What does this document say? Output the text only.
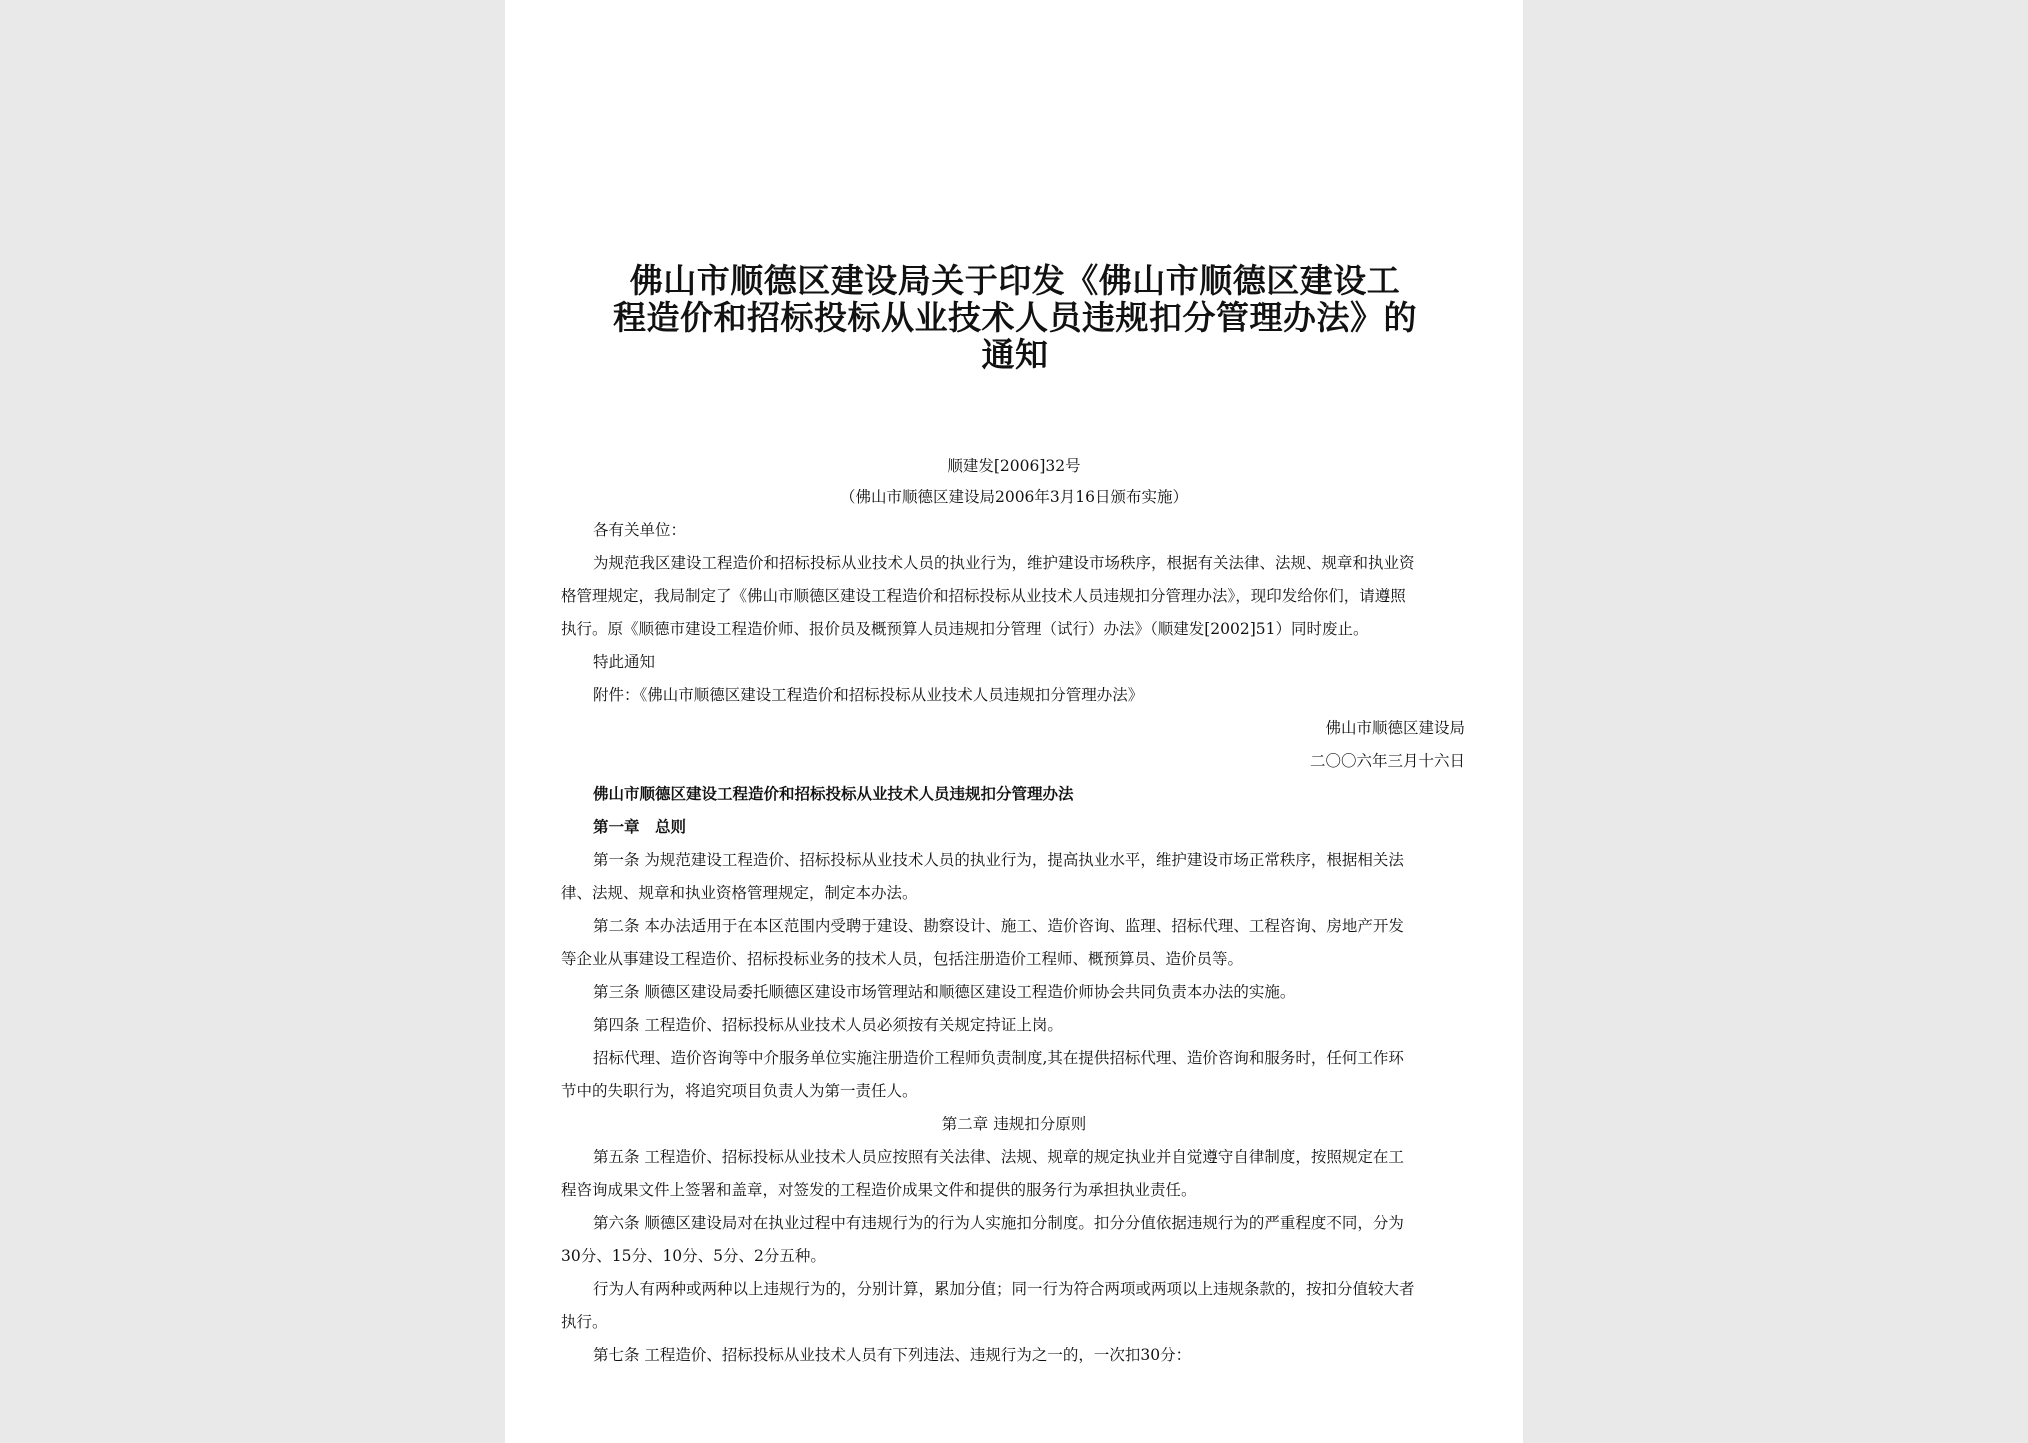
佛山市顺德区建设局关于印发《佛山市顺德区建设工
程造价和招标投标从业技术人员违规扣分管理办法》的
通知
顺建发[2006]32号
（佛山市顺德区建设局2006年3月16日颁布实施）
各有关单位：
为规范我区建设工程造价和招标投标从业技术人员的执业行为，维护建设市场秩序，根据有关法律、法规、规章和执业资
格管理规定，我局制定了《佛山市顺德区建设工程造价和招标投标从业技术人员违规扣分管理办法》，现印发给你们，请遵照
执行。原《顺德市建设工程造价师、报价员及概预算人员违规扣分管理（试行）办法》（顺建发[2002]51）同时废止。
特此通知
附件：《佛山市顺德区建设工程造价和招标投标从业技术人员违规扣分管理办法》
佛山市顺德区建设局
二〇〇六年三月十六日
佛山市顺德区建设工程造价和招标投标从业技术人员违规扣分管理办法
第一章　总则
第一条 为规范建设工程造价、招标投标从业技术人员的执业行为，提高执业水平，维护建设市场正常秩序，根据相关法
律、法规、规章和执业资格管理规定，制定本办法。
第二条 本办法适用于在本区范围内受聘于建设、勘察设计、施工、造价咨询、监理、招标代理、工程咨询、房地产开发
等企业从事建设工程造价、招标投标业务的技术人员，包括注册造价工程师、概预算员、造价员等。
第三条 顺德区建设局委托顺德区建设市场管理站和顺德区建设工程造价师协会共同负责本办法的实施。
第四条 工程造价、招标投标从业技术人员必须按有关规定持证上岗。
招标代理、造价咨询等中介服务单位实施注册造价工程师负责制度,其在提供招标代理、造价咨询和服务时，任何工作环
节中的失职行为，将追究项目负责人为第一责任人。
第二章 违规扣分原则
第五条 工程造价、招标投标从业技术人员应按照有关法律、法规、规章的规定执业并自觉遵守自律制度，按照规定在工
程咨询成果文件上签署和盖章，对签发的工程造价成果文件和提供的服务行为承担执业责任。
第六条 顺德区建设局对在执业过程中有违规行为的行为人实施扣分制度。扣分分值依据违规行为的严重程度不同，分为
30分、15分、10分、5分、2分五种。
行为人有两种或两种以上违规行为的，分别计算，累加分值；同一行为符合两项或两项以上违规条款的，按扣分值较大者
执行。
第七条 工程造价、招标投标从业技术人员有下列违法、违规行为之一的，一次扣30分：
